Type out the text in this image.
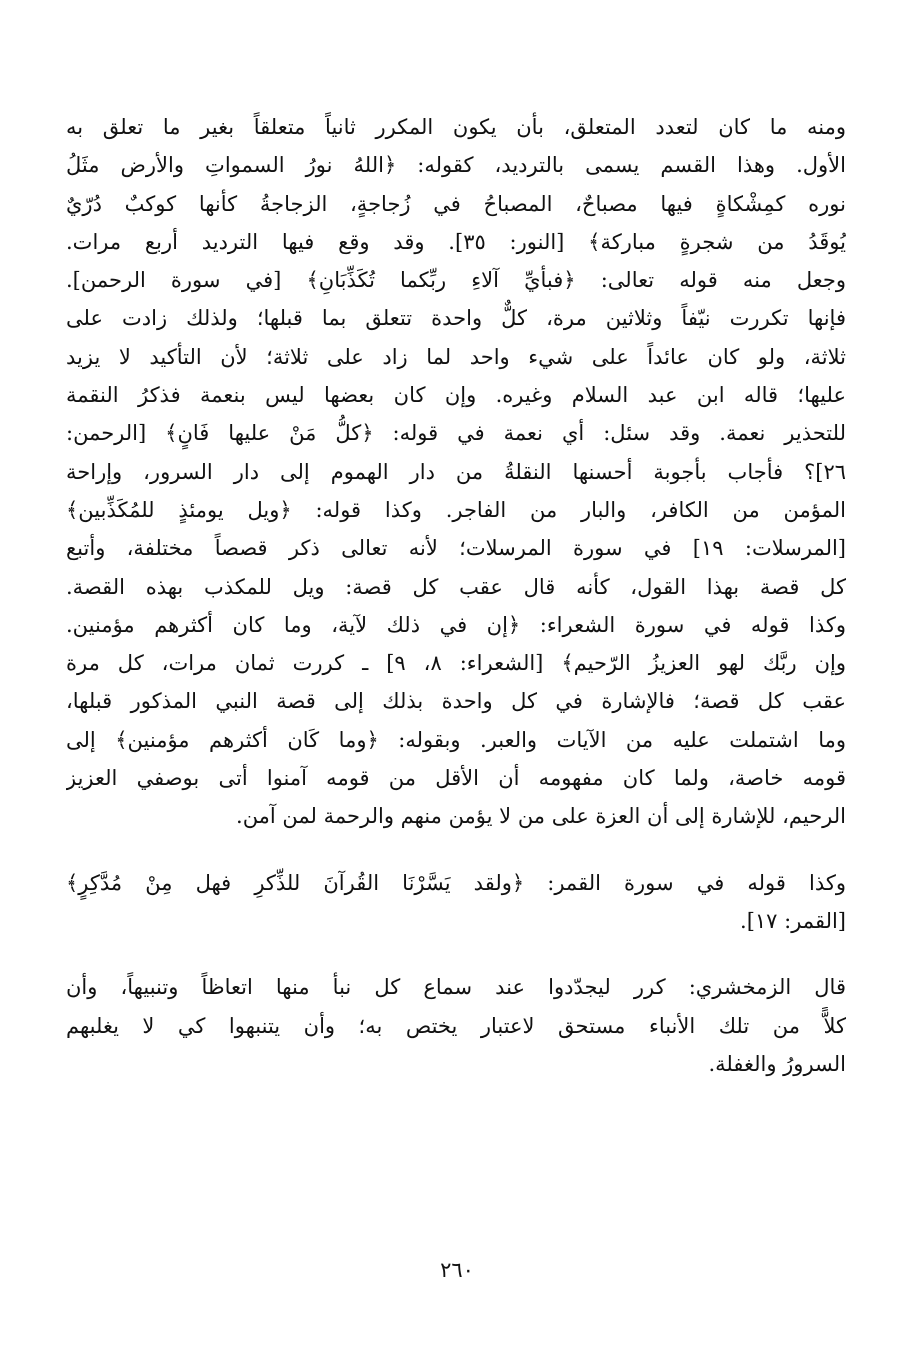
ومنه ما كان لتعدد المتعلق، بأن يكون المكرر ثانياً متعلقاً بغير ما تعلق به
الأول. وهذا القسم يسمى بالترديد، كقوله: ﴿اللهُ نورُ السمواتِ والأرض مثَلُ
نوره كمِشْكاةٍ فيها مصباحٌ، المصباحُ في زُجاجةٍ، الزجاجةُ كأنها كوكبٌ دُرّيٌ
يُوقَدُ من شجرةٍ مباركة﴾ [النور: ٣٥]. وقد وقع فيها الترديد أربع مرات.
وجعل منه قوله تعالى: ﴿فبأيِّ آلاءِ ربِّكما تُكَذِّبَانِ﴾ [في سورة الرحمن].
فإنها تكررت نيّفاً وثلاثين مرة، كلٌّ واحدة تتعلق بما قبلها؛ ولذلك زادت على
ثلاثة، ولو كان عائداً على شيء واحد لما زاد على ثلاثة؛ لأن التأكيد لا يزيد
عليها؛ قاله ابن عبد السلام وغيره. وإن كان بعضها ليس بنعمة فذكرُ النقمة
للتحذير نعمة. وقد سئل: أي نعمة في قوله: ﴿كلُّ مَنْ عليها فَانٍ﴾ [الرحمن:
٢٦]؟ فأجاب بأجوبة أحسنها النقلةُ من دار الهموم إلى دار السرور، وإراحة
المؤمن من الكافر، والبار من الفاجر. وكذا قوله: ﴿ويل يومئذٍ للمُكَذِّبين﴾
[المرسلات: ١٩] في سورة المرسلات؛ لأنه تعالى ذكر قصصاً مختلفة، وأتبع
كل قصة بهذا القول، كأنه قال عقب كل قصة: ويل للمكذب بهذه القصة.
وكذا قوله في سورة الشعراء: ﴿إن في ذلك لآية، وما كان أكثرهم مؤمنين.
وإن ربَّك لهو العزيزُ الرّحيم﴾ [الشعراء: ٨، ٩] ـ كررت ثمان مرات، كل مرة
عقب كل قصة؛ فالإشارة في كل واحدة بذلك إلى قصة النبي المذكور قبلها،
وما اشتملت عليه من الآيات والعبر. وبقوله: ﴿وما كَان أكثرهم مؤمنين﴾ إلى
قومه خاصة، ولما كان مفهومه أن الأقل من قومه آمنوا أتى بوصفي العزيز
الرحيم، للإشارة إلى أن العزة على من لا يؤمن منهم والرحمة لمن آمن.
وكذا قوله في سورة القمر: ﴿ولقد يَسَّرْنَا القُرآنَ للذِّكرِ فهل مِنْ مُدَّكِرٍ﴾
[القمر: ١٧].
قال الزمخشري: كرر ليجدّدوا عند سماع كل نبأ منها اتعاظاً وتنبيهاً، وأن
كلاًّ من تلك الأنباء مستحق لاعتبار يختص به؛ وأن يتنبهوا كي لا يغلبهم
السرورُ والغفلة.
٢٦٠
